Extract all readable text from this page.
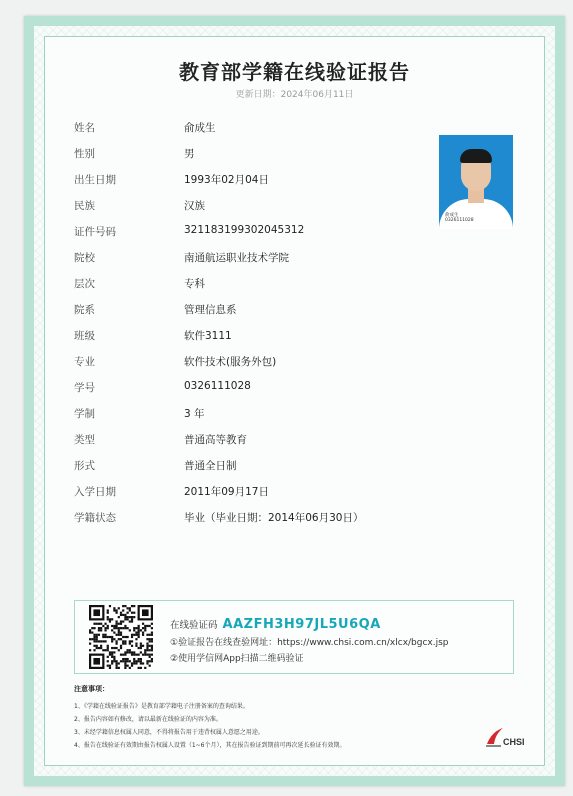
教育部学籍在线验证报告
更新日期：2024年06月11日
姓名	俞成生
性别	男
出生日期	1993年02月04日
民族	汉族
证件号码	321183199302045312
院校	南通航运职业技术学院
层次	专科
院系	管理信息系
班级	软件3111
专业	软件技术(服务外包)
学号	0326111028
学制	3 年
类型	普通高等教育
形式	普通全日制
入学日期	2011年09月17日
学籍状态	毕业（毕业日期：2014年06月30日）
俞成生
0326111028
在线验证码 AAZFH3H97JL5U6QA
①验证报告在线查验网址：https://www.chsi.com.cn/xlcx/bgcx.jsp
②使用学信网App扫描二维码验证
注意事项：
1、《学籍在线验证报告》是教育部学籍电子注册备案的查询结果。
2、报告内容如有修改，请以最新在线验证的内容为准。
3、未经学籍信息权属人同意，不得将报告用于违背权属人意愿之用途。
4、报告在线验证有效期由报告权属人设置（1~6个月），其在报告验证到期前可再次延长验证有效期。	CHSI
